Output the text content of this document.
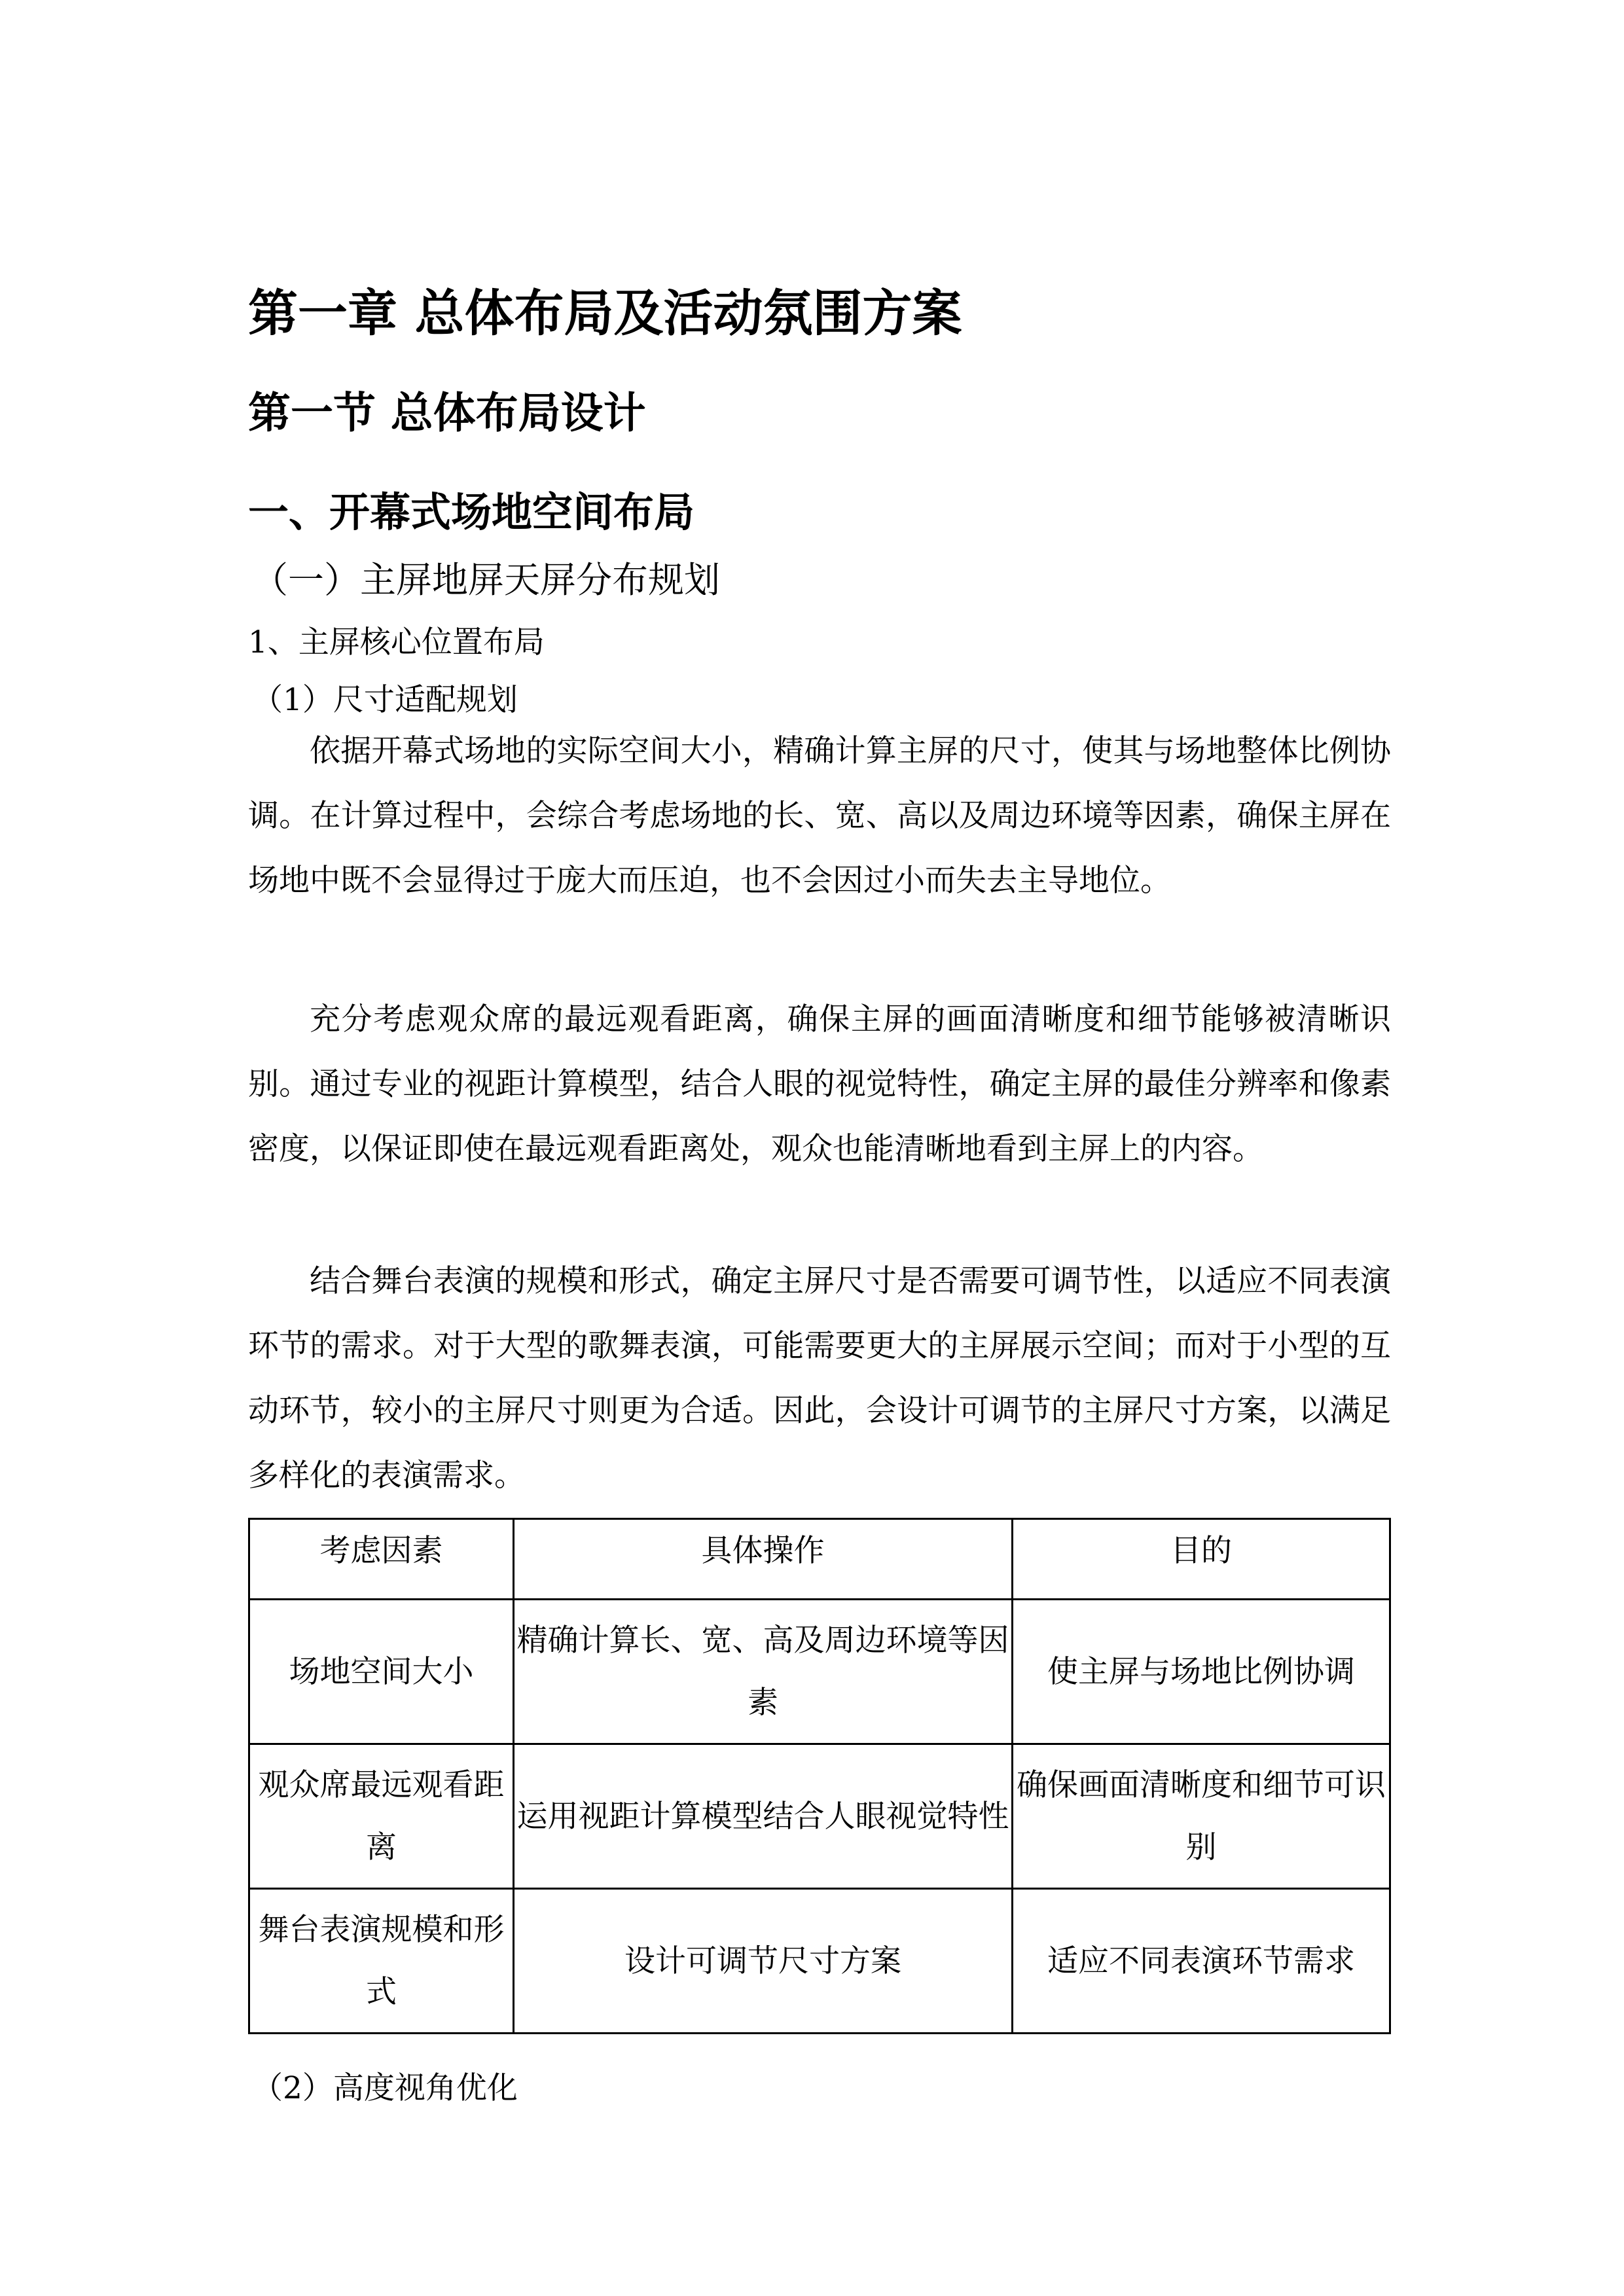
第一章 总体布局及活动氛围方案
第一节 总体布局设计
一、开幕式场地空间布局
（一）主屏地屏天屏分布规划
1、主屏核心位置布局
（1）尺寸适配规划

依据开幕式场地的实际空间大小，精确计算主屏的尺寸，使其与场地整体比例协调。在计算过程中，会综合考虑场地的长、宽、高以及周边环境等因素，确保主屏在场地中既不会显得过于庞大而压迫，也不会因过小而失去主导地位。

充分考虑观众席的最远观看距离，确保主屏的画面清晰度和细节能够被清晰识别。通过专业的视距计算模型，结合人眼的视觉特性，确定主屏的最佳分辨率和像素密度，以保证即使在最远观看距离处，观众也能清晰地看到主屏上的内容。

结合舞台表演的规模和形式，确定主屏尺寸是否需要可调节性，以适应不同表演环节的需求。对于大型的歌舞表演，可能需要更大的主屏展示空间；而对于小型的互动环节，较小的主屏尺寸则更为合适。因此，会设计可调节的主屏尺寸方案，以满足多样化的表演需求。

考虑因素	具体操作	目的
场地空间大小	精确计算长、宽、高及周边环境等因素	使主屏与场地比例协调
观众席最远观看距离	运用视距计算模型结合人眼视觉特性	确保画面清晰度和细节可识别
舞台表演规模和形式	设计可调节尺寸方案	适应不同表演环节需求
（2）高度视角优化
